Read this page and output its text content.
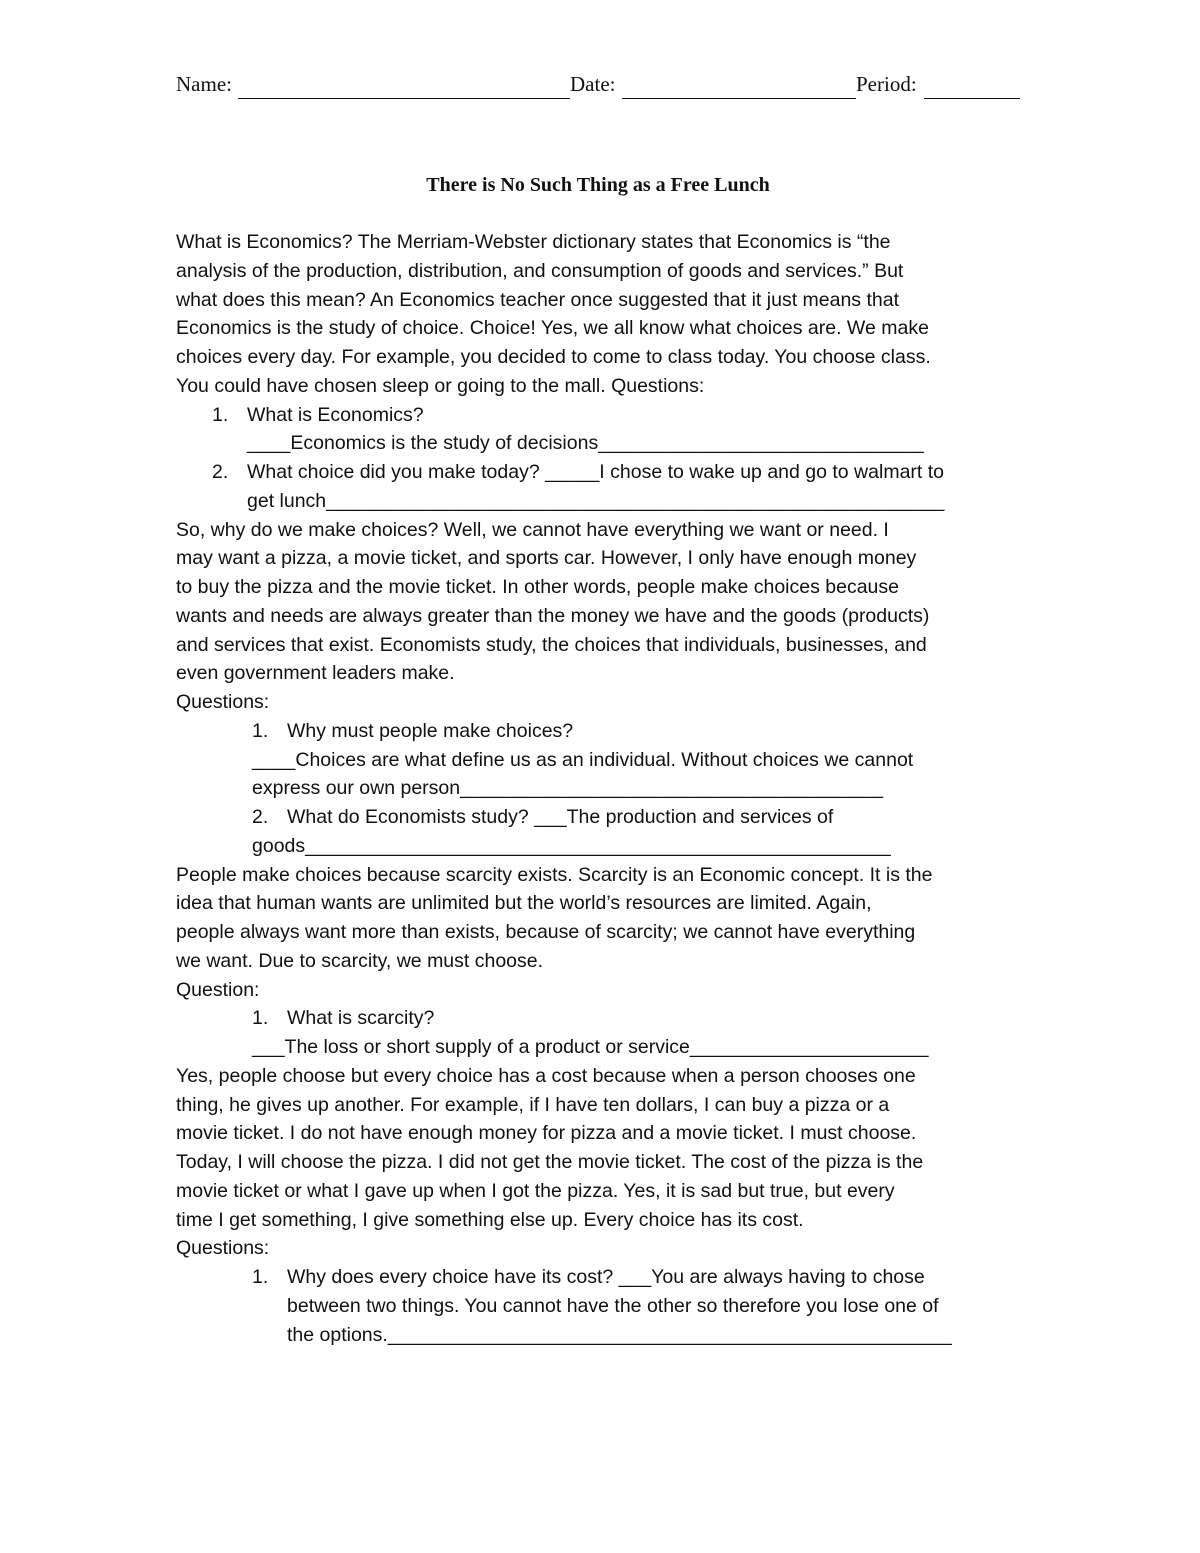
Name:	Date:	Period:
There is No Such Thing as a Free Lunch
What is Economics? The Merriam-Webster dictionary states that Economics is “the
analysis of the production, distribution, and consumption of goods and services.” But
what does this mean? An Economics teacher once suggested that it just means that
Economics is the study of choice. Choice! Yes, we all know what choices are. We make
choices every day. For example, you decided to come to class today. You choose class.
You could have chosen sleep or going to the mall. Questions:
1. What is Economics?
____Economics is the study of decisions______________________________
2. What choice did you make today? _____I chose to wake up and go to walmart to
get lunch_________________________________________________________
So, why do we make choices? Well, we cannot have everything we want or need. I
may want a pizza, a movie ticket, and sports car. However, I only have enough money
to buy the pizza and the movie ticket. In other words, people make choices because
wants and needs are always greater than the money we have and the goods (products)
and services that exist. Economists study, the choices that individuals, businesses, and
even government leaders make.
Questions:
1. Why must people make choices?
____Choices are what define us as an individual. Without choices we cannot
express our own person_______________________________________
2. What do Economists study? ___The production and services of
goods______________________________________________________
People make choices because scarcity exists. Scarcity is an Economic concept. It is the
idea that human wants are unlimited but the world’s resources are limited. Again,
people always want more than exists, because of scarcity; we cannot have everything
we want. Due to scarcity, we must choose.
Question:
1. What is scarcity?
___The loss or short supply of a product or service______________________
Yes, people choose but every choice has a cost because when a person chooses one
thing, he gives up another. For example, if I have ten dollars, I can buy a pizza or a
movie ticket. I do not have enough money for pizza and a movie ticket. I must choose.
Today, I will choose the pizza. I did not get the movie ticket. The cost of the pizza is the
movie ticket or what I gave up when I got the pizza. Yes, it is sad but true, but every
time I get something, I give something else up. Every choice has its cost.
Questions:
1. Why does every choice have its cost? ___You are always having to chose
between two things. You cannot have the other so therefore you lose one of
the options.____________________________________________________
